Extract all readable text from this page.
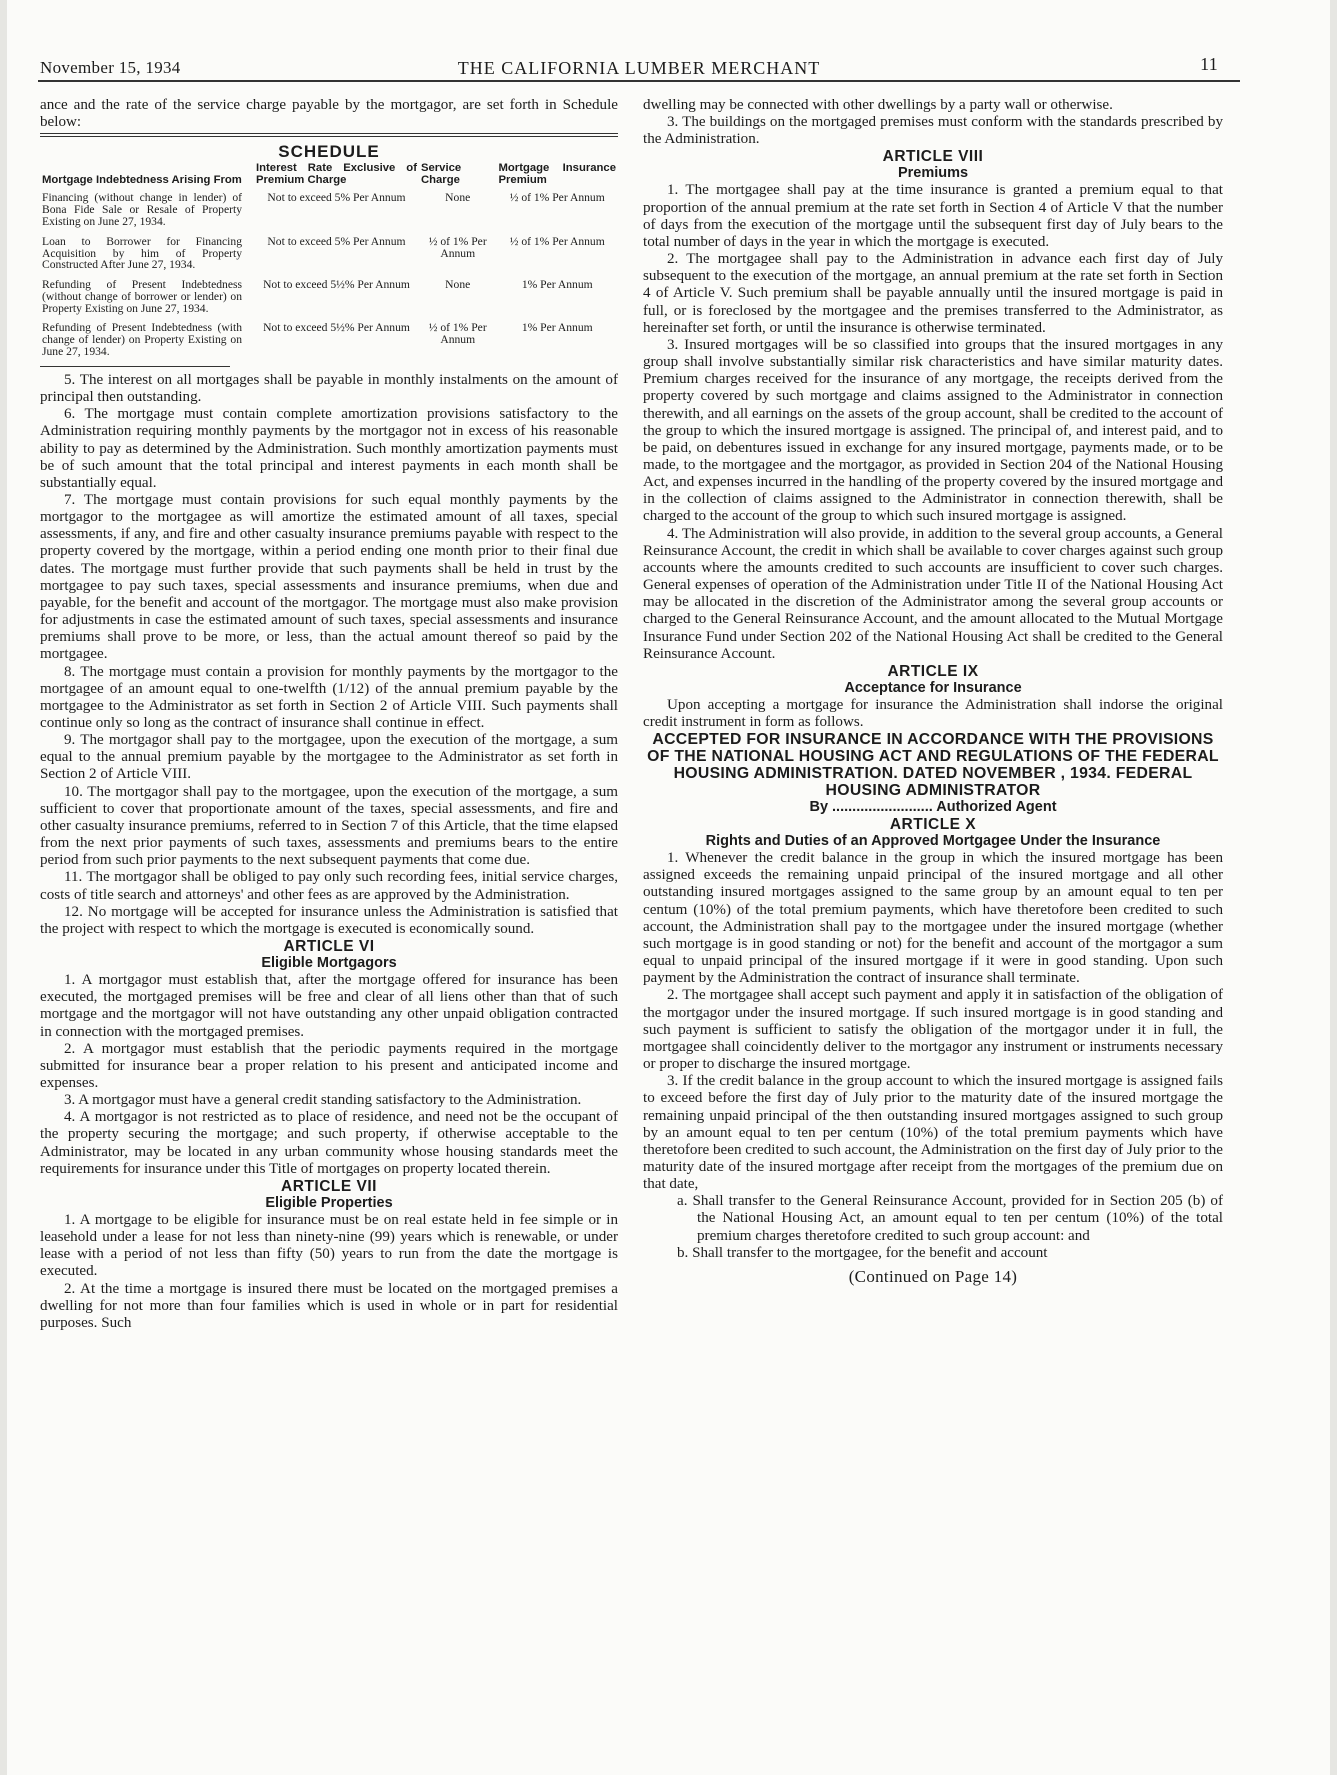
November 15, 1934	THE CALIFORNIA LUMBER MERCHANT	11

ance and the rate of the service charge payable by the mortgagor, are set forth in Schedule below:

SCHEDULE
Mortgage Indebtedness Arising From	Interest Rate Exclusive of Premium Charge	Service Charge	Mortgage Insurance Premium
Financing (without change in lender) of Bona Fide Sale or Resale of Property Existing on June 27, 1934.	Not to exceed 5% Per Annum	None	½ of 1% Per Annum
Loan to Borrower for Financing Acquisition by him of Property Constructed After June 27, 1934.	Not to exceed 5% Per Annum	½ of 1% Per Annum	½ of 1% Per Annum
Refunding of Present Indebtedness (without change of borrower or lender) on Property Existing on June 27, 1934.	Not to exceed 5½% Per Annum	None	1% Per Annum
Refunding of Present Indebtedness (with change of lender) on Property Existing on June 27, 1934.	Not to exceed 5½% Per Annum	½ of 1% Per Annum	1% Per Annum

5. The interest on all mortgages shall be payable in monthly instalments on the amount of principal then outstanding.

6. The mortgage must contain complete amortization provisions satisfactory to the Administration requiring monthly payments by the mortgagor not in excess of his reasonable ability to pay as determined by the Administration. Such monthly amortization payments must be of such amount that the total principal and interest payments in each month shall be substantially equal.

7. The mortgage must contain provisions for such equal monthly payments by the mortgagor to the mortgagee as will amortize the estimated amount of all taxes, special assessments, if any, and fire and other casualty insurance premiums payable with respect to the property covered by the mortgage, within a period ending one month prior to their final due dates. The mortgage must further provide that such payments shall be held in trust by the mortgagee to pay such taxes, special assessments and insurance premiums, when due and payable, for the benefit and account of the mortgagor. The mortgage must also make provision for adjustments in case the estimated amount of such taxes, special assessments and insurance premiums shall prove to be more, or less, than the actual amount thereof so paid by the mortgagee.

8. The mortgage must contain a provision for monthly payments by the mortgagor to the mortgagee of an amount equal to one-twelfth (1/12) of the annual premium payable by the mortgagee to the Administrator as set forth in Section 2 of Article VIII. Such payments shall continue only so long as the contract of insurance shall continue in effect.

9. The mortgagor shall pay to the mortgagee, upon the execution of the mortgage, a sum equal to the annual premium payable by the mortgagee to the Administrator as set forth in Section 2 of Article VIII.

10. The mortgagor shall pay to the mortgagee, upon the execution of the mortgage, a sum sufficient to cover that proportionate amount of the taxes, special assessments, and fire and other casualty insurance premiums, referred to in Section 7 of this Article, that the time elapsed from the next prior payments of such taxes, assessments and premiums bears to the entire period from such prior payments to the next subsequent payments that come due.

11. The mortgagor shall be obliged to pay only such recording fees, initial service charges, costs of title search and attorneys' and other fees as are approved by the Administration.

12. No mortgage will be accepted for insurance unless the Administration is satisfied that the project with respect to which the mortgage is executed is economically sound.

ARTICLE VI

Eligible Mortgagors

1. A mortgagor must establish that, after the mortgage offered for insurance has been executed, the mortgaged premises will be free and clear of all liens other than that of such mortgage and the mortgagor will not have outstanding any other unpaid obligation contracted in connection with the mortgaged premises.

2. A mortgagor must establish that the periodic payments required in the mortgage submitted for insurance bear a proper relation to his present and anticipated income and expenses.

3. A mortgagor must have a general credit standing satisfactory to the Administration.

4. A mortgagor is not restricted as to place of residence, and need not be the occupant of the property securing the mortgage; and such property, if otherwise acceptable to the Administrator, may be located in any urban community whose housing standards meet the requirements for insurance under this Title of mortgages on property located therein.

ARTICLE VII

Eligible Properties

1. A mortgage to be eligible for insurance must be on real estate held in fee simple or in leasehold under a lease for not less than ninety-nine (99) years which is renewable, or under lease with a period of not less than fifty (50) years to run from the date the mortgage is executed.

2. At the time a mortgage is insured there must be located on the mortgaged premises a dwelling for not more than four families which is used in whole or in part for residential purposes. Such

dwelling may be connected with other dwellings by a party wall or otherwise.

3. The buildings on the mortgaged premises must conform with the standards prescribed by the Administration.

ARTICLE VIII

Premiums

1. The mortgagee shall pay at the time insurance is granted a premium equal to that proportion of the annual premium at the rate set forth in Section 4 of Article V that the number of days from the execution of the mortgage until the subsequent first day of July bears to the total number of days in the year in which the mortgage is executed.

2. The mortgagee shall pay to the Administration in advance each first day of July subsequent to the execution of the mortgage, an annual premium at the rate set forth in Section 4 of Article V. Such premium shall be payable annually until the insured mortgage is paid in full, or is foreclosed by the mortgagee and the premises transferred to the Administrator, as hereinafter set forth, or until the insurance is otherwise terminated.

3. Insured mortgages will be so classified into groups that the insured mortgages in any group shall involve substantially similar risk characteristics and have similar maturity dates. Premium charges received for the insurance of any mortgage, the receipts derived from the property covered by such mortgage and claims assigned to the Administrator in connection therewith, and all earnings on the assets of the group account, shall be credited to the account of the group to which the insured mortgage is assigned. The principal of, and interest paid, and to be paid, on debentures issued in exchange for any insured mortgage, payments made, or to be made, to the mortgagee and the mortgagor, as provided in Section 204 of the National Housing Act, and expenses incurred in the handling of the property covered by the insured mortgage and in the collection of claims assigned to the Administrator in connection therewith, shall be charged to the account of the group to which such insured mortgage is assigned.

4. The Administration will also provide, in addition to the several group accounts, a General Reinsurance Account, the credit in which shall be available to cover charges against such group accounts where the amounts credited to such accounts are insufficient to cover such charges. General expenses of operation of the Administration under Title II of the National Housing Act may be allocated in the discretion of the Administrator among the several group accounts or charged to the General Reinsurance Account, and the amount allocated to the Mutual Mortgage Insurance Fund under Section 202 of the National Housing Act shall be credited to the General Reinsurance Account.

ARTICLE IX

Acceptance for Insurance

Upon accepting a mortgage for insurance the Administration shall indorse the original credit instrument in form as follows.

ACCEPTED FOR INSURANCE IN ACCORDANCE WITH THE PROVISIONS OF THE NATIONAL HOUSING ACT AND REGULATIONS OF THE FEDERAL HOUSING ADMINISTRATION. DATED NOVEMBER , 1934. FEDERAL HOUSING ADMINISTRATOR

By ......................... Authorized Agent

ARTICLE X

Rights and Duties of an Approved Mortgagee Under the Insurance

1. Whenever the credit balance in the group in which the insured mortgage has been assigned exceeds the remaining unpaid principal of the insured mortgage and all other outstanding insured mortgages assigned to the same group by an amount equal to ten per centum (10%) of the total premium payments, which have theretofore been credited to such account, the Administration shall pay to the mortgagee under the insured mortgage (whether such mortgage is in good standing or not) for the benefit and account of the mortgagor a sum equal to unpaid principal of the insured mortgage if it were in good standing. Upon such payment by the Administration the contract of insurance shall terminate.

2. The mortgagee shall accept such payment and apply it in satisfaction of the obligation of the mortgagor under the insured mortgage. If such insured mortgage is in good standing and such payment is sufficient to satisfy the obligation of the mortgagor under it in full, the mortgagee shall coincidently deliver to the mortgagor any instrument or instruments necessary or proper to discharge the insured mortgage.

3. If the credit balance in the group account to which the insured mortgage is assigned fails to exceed before the first day of July prior to the maturity date of the insured mortgage the remaining unpaid principal of the then outstanding insured mortgages assigned to such group by an amount equal to ten per centum (10%) of the total premium payments which have theretofore been credited to such account, the Administration on the first day of July prior to the maturity date of the insured mortgage after receipt from the mortgages of the premium due on that date,

a. Shall transfer to the General Reinsurance Account, provided for in Section 205 (b) of the National Housing Act, an amount equal to ten per centum (10%) of the total premium charges theretofore credited to such group account: and

b. Shall transfer to the mortgagee, for the benefit and account

(Continued on Page 14)
